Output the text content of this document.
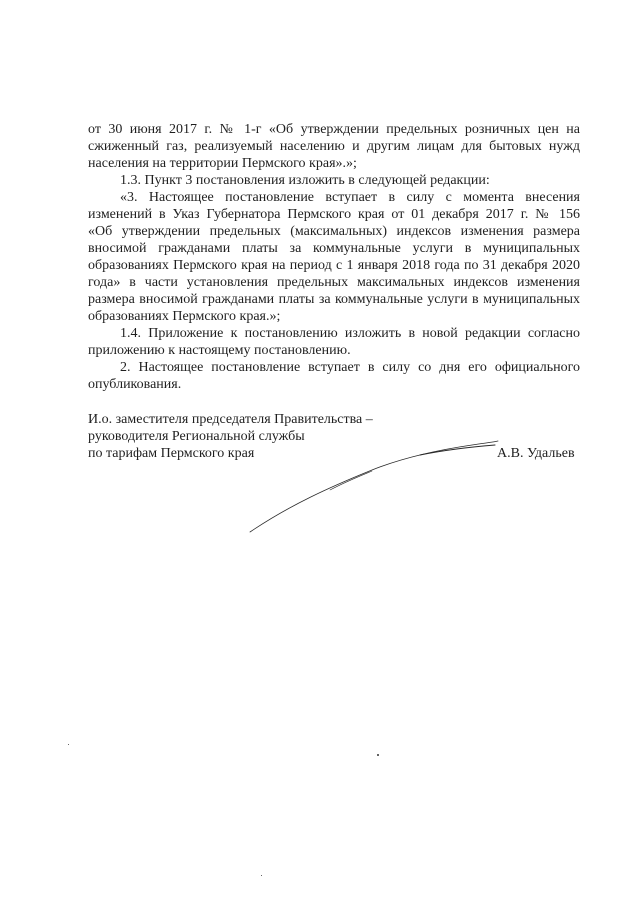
от 30 июня 2017 г. № 1-г «Об утверждении предельных розничных цен на
сжиженный газ, реализуемый населению и другим лицам для бытовых нужд
населения на территории Пермского края».»;
1.3. Пункт 3 постановления изложить в следующей редакции:
«3. Настоящее постановление вступает в силу с момента внесения
изменений в Указ Губернатора Пермского края от 01 декабря 2017 г. № 156
«Об утверждении предельных (максимальных) индексов изменения размера
вносимой гражданами платы за коммунальные услуги в муниципальных
образованиях Пермского края на период с 1 января 2018 года по 31 декабря 2020
года» в части установления предельных максимальных индексов изменения
размера вносимой гражданами платы за коммунальные услуги в муниципальных
образованиях Пермского края.»;
1.4. Приложение к постановлению изложить в новой редакции согласно
приложению к настоящему постановлению.
2. Настоящее постановление вступает в силу со дня его официального
опубликования.
И.о. заместителя председателя Правительства –
руководителя Региональной службы
по тарифам Пермского края	А.В. Удальев
